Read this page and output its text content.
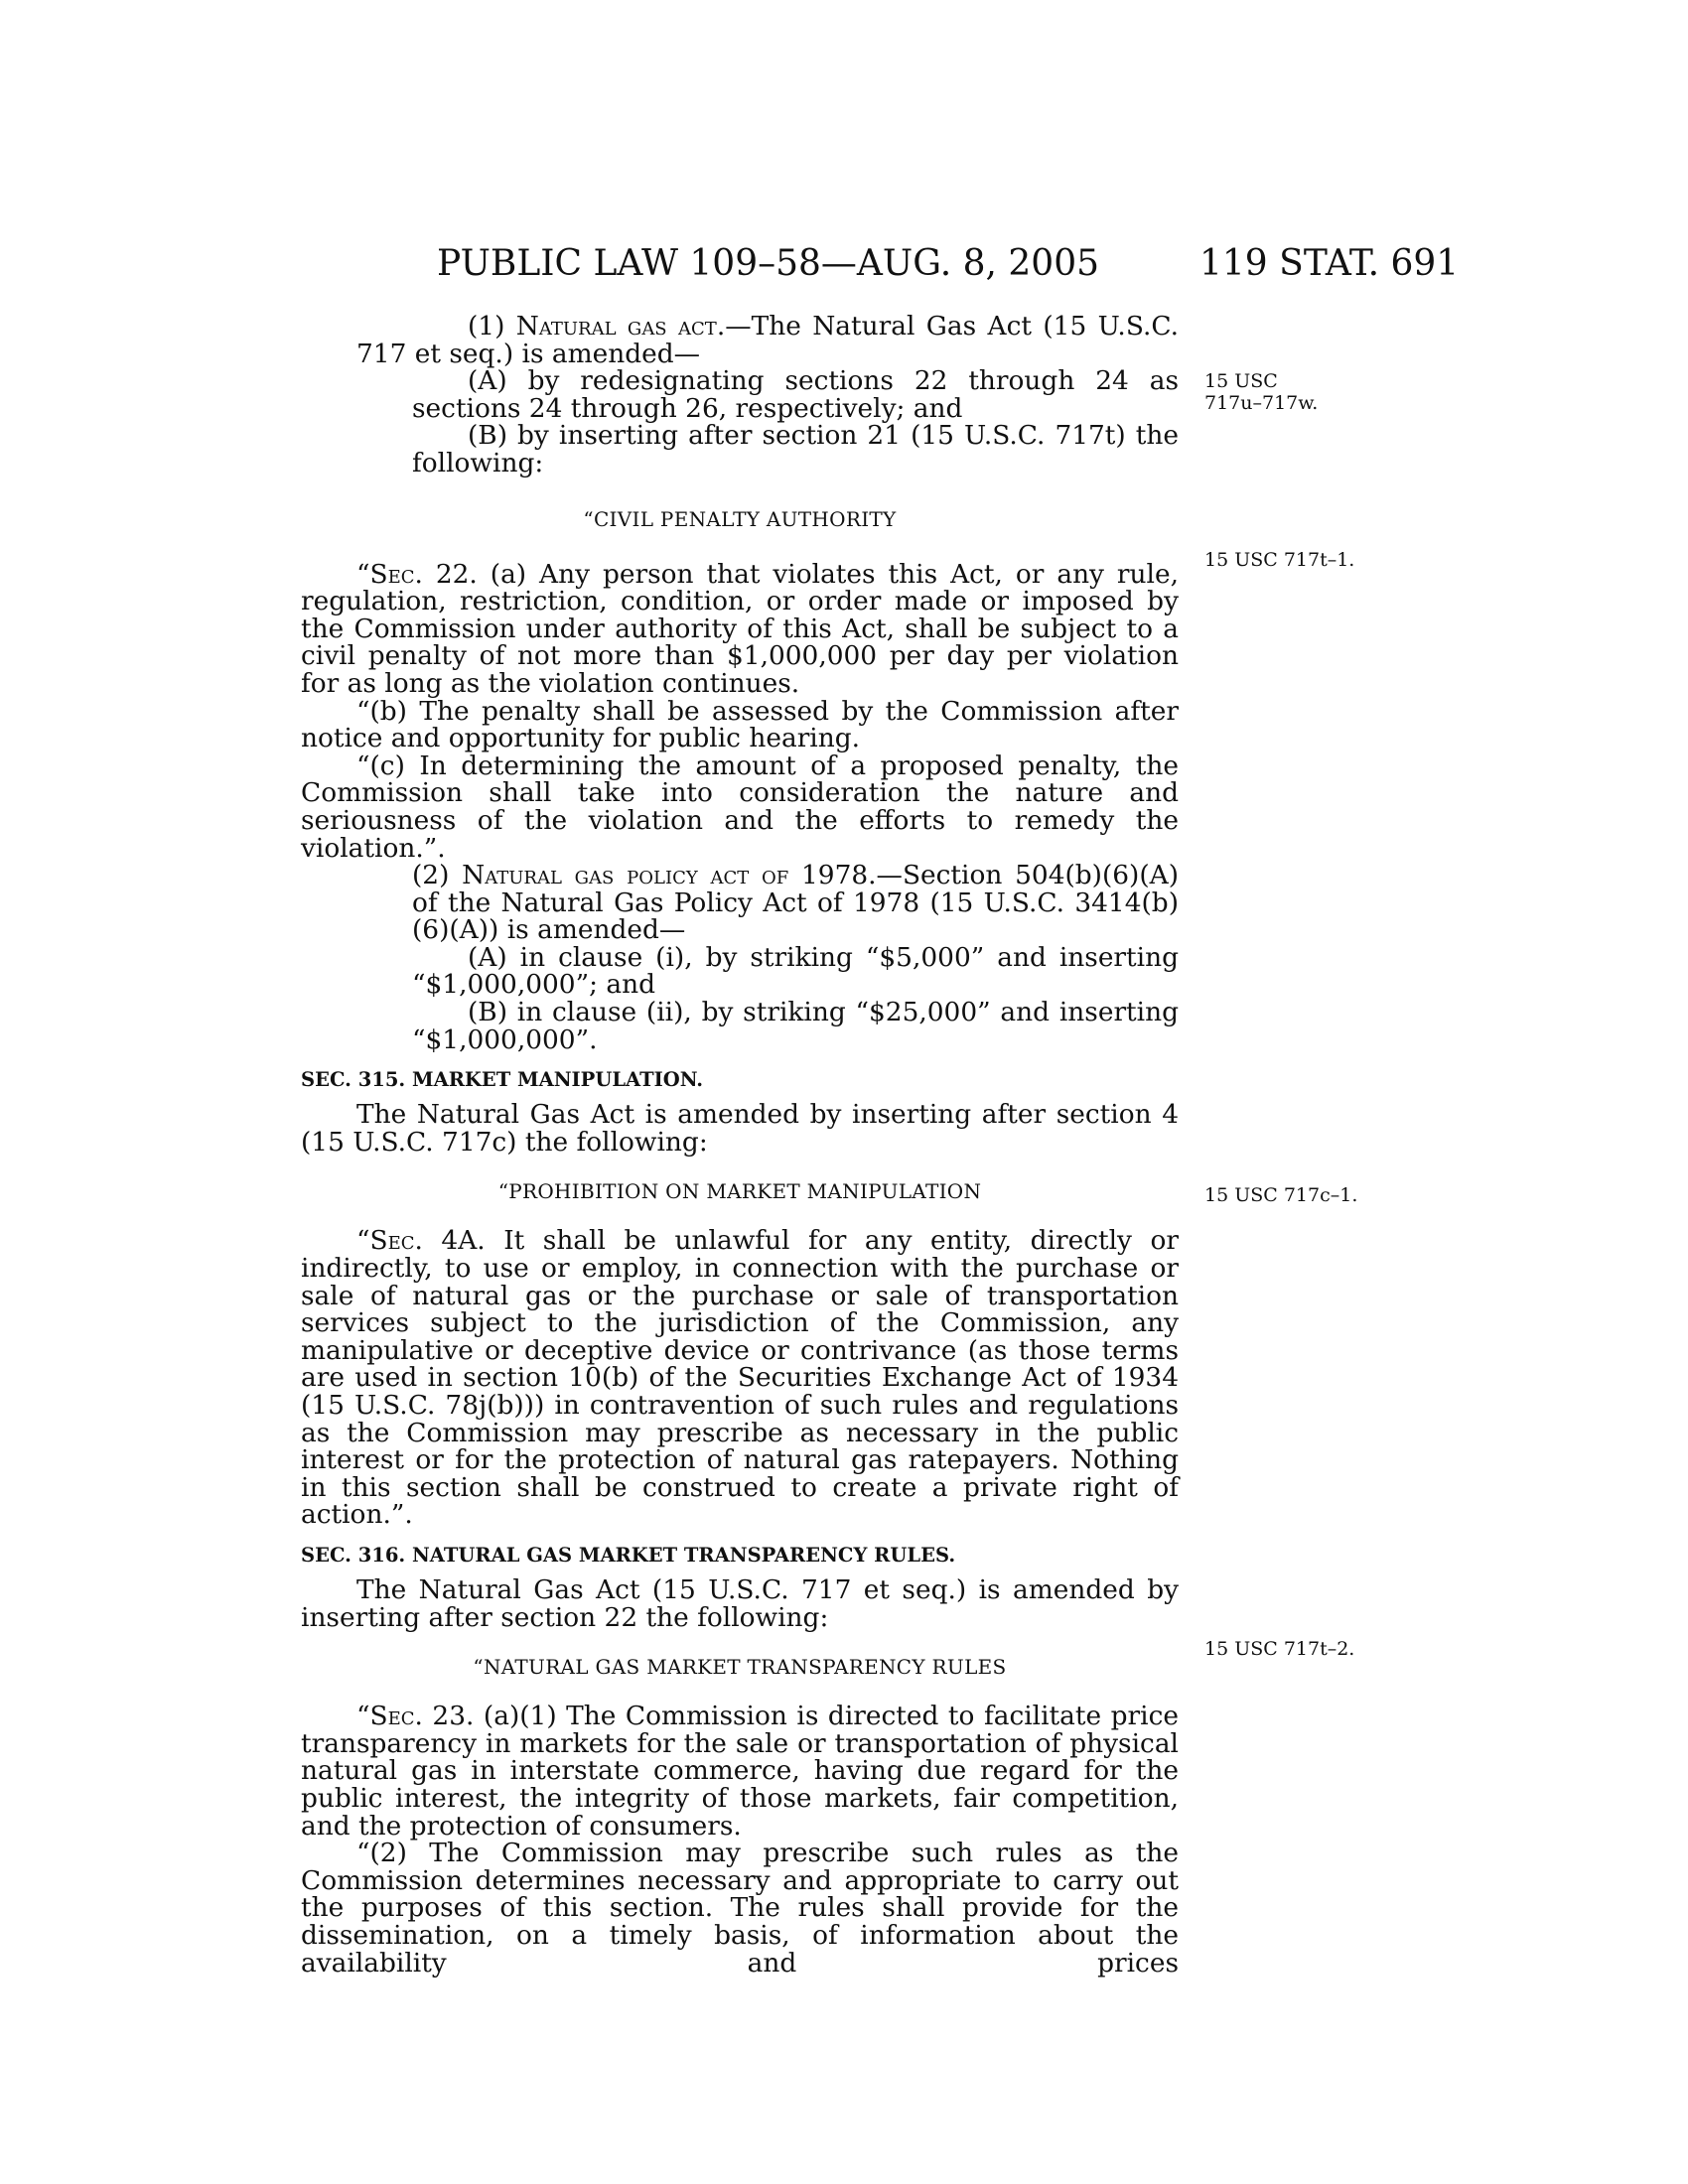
PUBLIC LAW 109–58—AUG. 8, 2005	119 STAT. 691
15 USC
717u–717w.
15 USC 717t–1.
15 USC 717c–1.
15 USC 717t–2.

(1) Natural gas act.—The Natural Gas Act (15 U.S.C. 717 et seq.) is amended—

(A) by redesignating sections 22 through 24 as sections 24 through 26, respectively; and

(B) by inserting after section 21 (15 U.S.C. 717t) the following:

“CIVIL PENALTY AUTHORITY

“Sec. 22. (a) Any person that violates this Act, or any rule, regulation, restriction, condition, or order made or imposed by the Commission under authority of this Act, shall be subject to a civil penalty of not more than $1,000,000 per day per violation for as long as the violation continues.

“(b) The penalty shall be assessed by the Commission after notice and opportunity for public hearing.

“(c) In determining the amount of a proposed penalty, the Commission shall take into consideration the nature and seriousness of the violation and the efforts to remedy the violation.”.

(2) Natural gas policy act of 1978.—Section 504(b)(6)(A) of the Natural Gas Policy Act of 1978 (15 U.S.C. 3414(b)(6)(A)) is amended—

(A) in clause (i), by striking “$5,000” and inserting “$1,000,000”; and

(B) in clause (ii), by striking “$25,000” and inserting “$1,000,000”.

SEC. 315. MARKET MANIPULATION.

The Natural Gas Act is amended by inserting after section 4 (15 U.S.C. 717c) the following:

“PROHIBITION ON MARKET MANIPULATION

“Sec. 4A. It shall be unlawful for any entity, directly or indirectly, to use or employ, in connection with the purchase or sale of natural gas or the purchase or sale of transportation services subject to the jurisdiction of the Commission, any manipulative or deceptive device or contrivance (as those terms are used in section 10(b) of the Securities Exchange Act of 1934 (15 U.S.C. 78j(b))) in contravention of such rules and regulations as the Commission may prescribe as necessary in the public interest or for the protection of natural gas ratepayers. Nothing in this section shall be construed to create a private right of action.”.

SEC. 316. NATURAL GAS MARKET TRANSPARENCY RULES.

The Natural Gas Act (15 U.S.C. 717 et seq.) is amended by inserting after section 22 the following:

“NATURAL GAS MARKET TRANSPARENCY RULES

“Sec. 23. (a)(1) The Commission is directed to facilitate price transparency in markets for the sale or transportation of physical natural gas in interstate commerce, having due regard for the public interest, the integrity of those markets, fair competition, and the protection of consumers.

“(2) The Commission may prescribe such rules as the Commission determines necessary and appropriate to carry out the purposes of this section. The rules shall provide for the dissemination, on a timely basis, of information about the availability and prices
